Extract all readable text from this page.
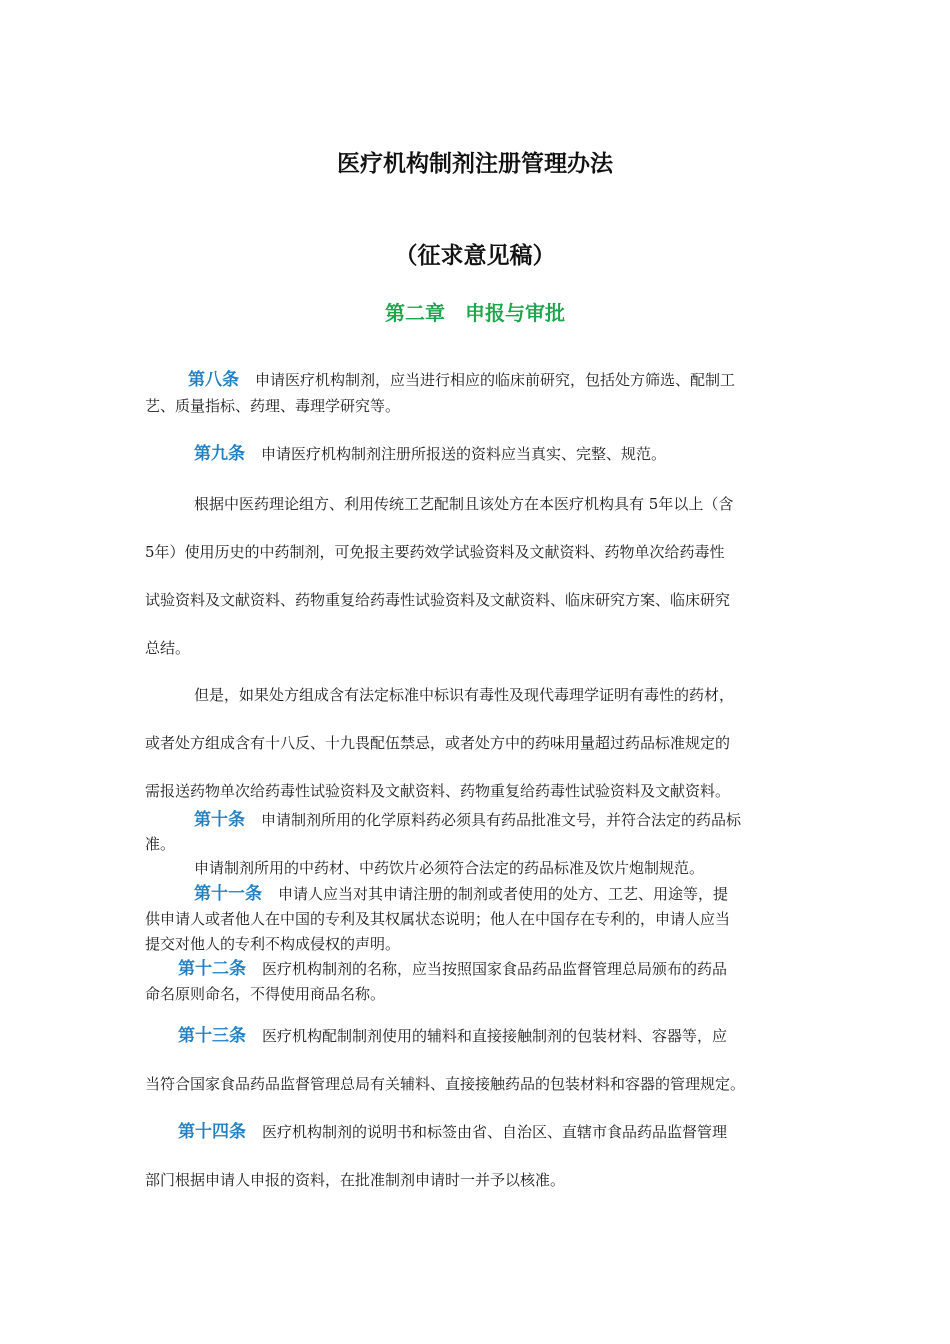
医疗机构制剂注册管理办法
（征求意见稿）
第二章　申报与审批
第八条 申请医疗机构制剂，应当进行相应的临床前研究，包括处方筛选、配制工
艺、质量指标、药理、毒理学研究等。
第九条 申请医疗机构制剂注册所报送的资料应当真实、完整、规范。
根据中医药理论组方、利用传统工艺配制且该处方在本医疗机构具有 5年以上（含
5年）使用历史的中药制剂，可免报主要药效学试验资料及文献资料、药物单次给药毒性
试验资料及文献资料、药物重复给药毒性试验资料及文献资料、临床研究方案、临床研究
总结。
但是，如果处方组成含有法定标准中标识有毒性及现代毒理学证明有毒性的药材，
或者处方组成含有十八反、十九畏配伍禁忌，或者处方中的药味用量超过药品标准规定的
需报送药物单次给药毒性试验资料及文献资料、药物重复给药毒性试验资料及文献资料。
第十条 申请制剂所用的化学原料药必须具有药品批准文号，并符合法定的药品标
准。
申请制剂所用的中药材、中药饮片必须符合法定的药品标准及饮片炮制规范。
第十一条 申请人应当对其申请注册的制剂或者使用的处方、工艺、用途等，提
供申请人或者他人在中国的专利及其权属状态说明；他人在中国存在专利的，申请人应当
提交对他人的专利不构成侵权的声明。
第十二条 医疗机构制剂的名称，应当按照国家食品药品监督管理总局颁布的药品
命名原则命名，不得使用商品名称。
第十三条 医疗机构配制制剂使用的辅料和直接接触制剂的包装材料、容器等，应
当符合国家食品药品监督管理总局有关辅料、直接接触药品的包装材料和容器的管理规定。
第十四条 医疗机构制剂的说明书和标签由省、自治区、直辖市食品药品监督管理
部门根据申请人申报的资料，在批准制剂申请时一并予以核准。
